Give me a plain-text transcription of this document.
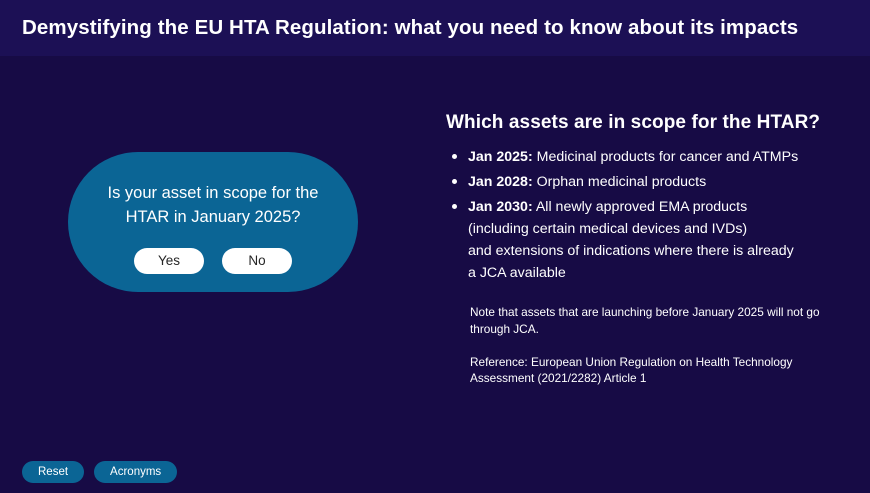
Demystifying the EU HTA Regulation: what you need to know about its impacts
Is your asset in scope for the HTAR in January 2025?
Yes	No
Which assets are in scope for the HTAR?
Jan 2025: Medicinal products for cancer and ATMPs
Jan 2028: Orphan medicinal products
Jan 2030: All newly approved EMA products
(including certain medical devices and IVDs)
and extensions of indications where there is already
a JCA available
Note that assets that are launching before January 2025 will not go through JCA.
Reference: European Union Regulation on Health Technology Assessment (2021/2282) Article 1
Reset	Acronyms
